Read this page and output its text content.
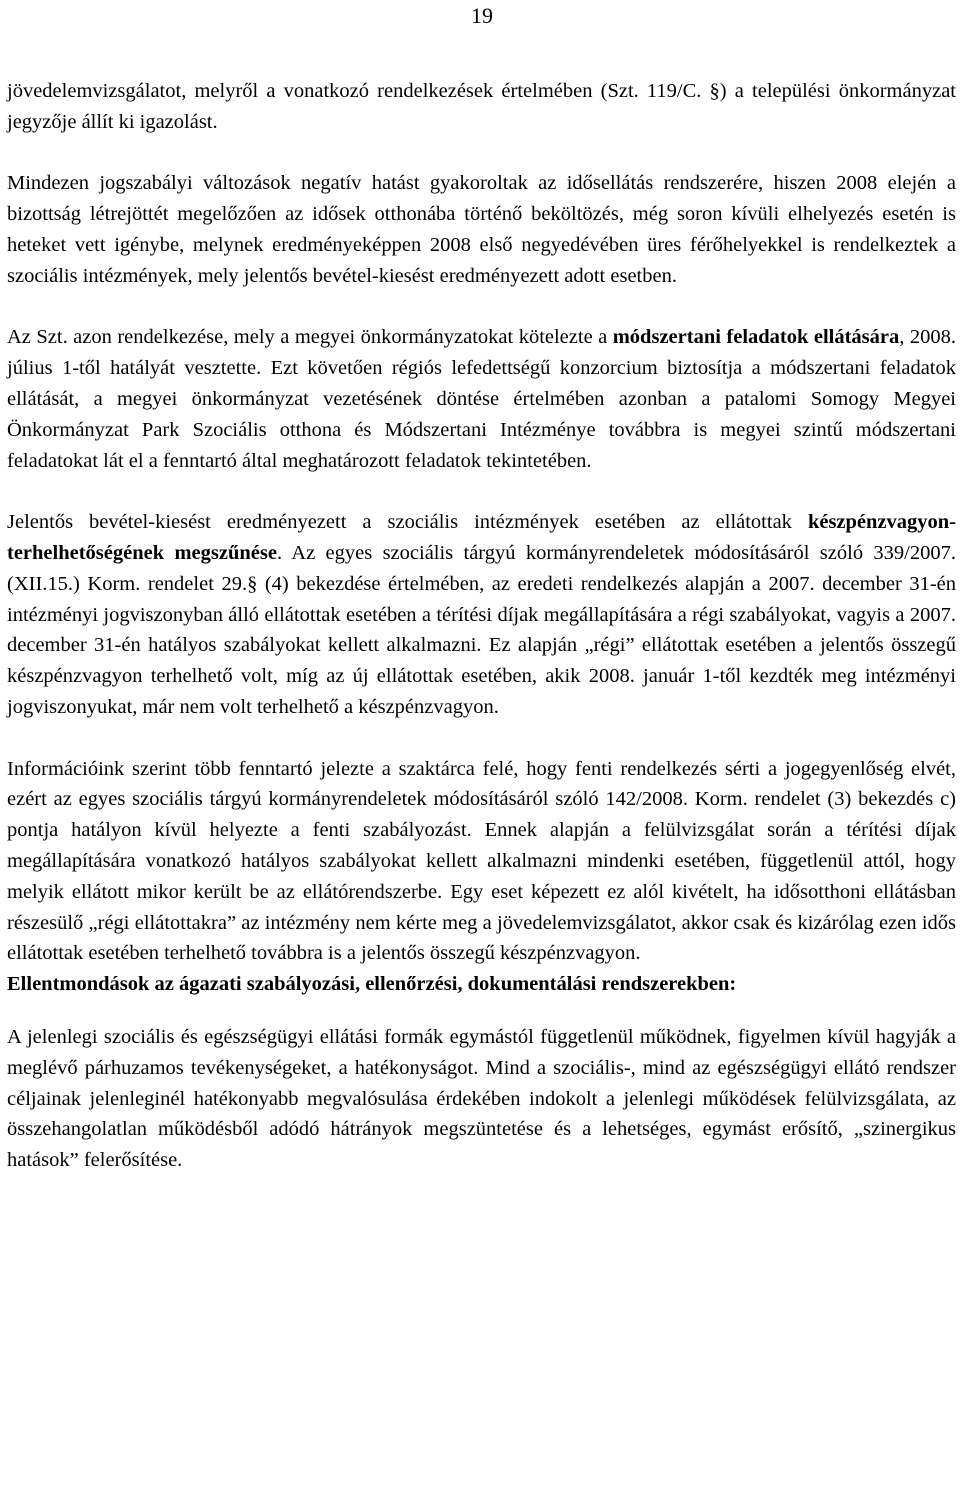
19

jövedelemvizsgálatot, melyről a vonatkozó rendelkezések értelmében (Szt. 119/C. §) a települési önkormányzat jegyzője állít ki igazolást.

Mindezen jogszabályi változások negatív hatást gyakoroltak az idősellátás rendszerére, hiszen 2008 elején a bizottság létrejöttét megelőzően az idősek otthonába történő beköltözés, még soron kívüli elhelyezés esetén is heteket vett igénybe, melynek eredményeképpen 2008 első negyedévében üres férőhelyekkel is rendelkeztek a szociális intézmények, mely jelentős bevétel-kiesést eredményezett adott esetben.

Az Szt. azon rendelkezése, mely a megyei önkormányzatokat kötelezte a módszertani feladatok ellátására, 2008. július 1-től hatályát vesztette. Ezt követően régiós lefedettségű konzorcium biztosítja a módszertani feladatok ellátását, a megyei önkormányzat vezetésének döntése értelmében azonban a patalomi Somogy Megyei Önkormányzat Park Szociális otthona és Módszertani Intézménye továbbra is megyei szintű módszertani feladatokat lát el a fenntartó által meghatározott feladatok tekintetében.

Jelentős bevétel-kiesést eredményezett a szociális intézmények esetében az ellátottak készpénzvagyon-terhelhetőségének megszűnése. Az egyes szociális tárgyú kormányrendeletek módosításáról szóló 339/2007. (XII.15.) Korm. rendelet 29.§ (4) bekezdése értelmében, az eredeti rendelkezés alapján a 2007. december 31-én intézményi jogviszonyban álló ellátottak esetében a térítési díjak megállapítására a régi szabályokat, vagyis a 2007. december 31-én hatályos szabályokat kellett alkalmazni. Ez alapján „régi” ellátottak esetében a jelentős összegű készpénzvagyon terhelhető volt, míg az új ellátottak esetében, akik 2008. január 1-től kezdték meg intézményi jogviszonyukat, már nem volt terhelhető a készpénzvagyon.

Információink szerint több fenntartó jelezte a szaktárca felé, hogy fenti rendelkezés sérti a jogegyenlőség elvét, ezért az egyes szociális tárgyú kormányrendeletek módosításáról szóló 142/2008. Korm. rendelet (3) bekezdés c) pontja hatályon kívül helyezte a fenti szabályozást. Ennek alapján a felülvizsgálat során a térítési díjak megállapítására vonatkozó hatályos szabályokat kellett alkalmazni mindenki esetében, függetlenül attól, hogy melyik ellátott mikor került be az ellátórendszerbe. Egy eset képezett ez alól kivételt, ha idősotthoni ellátásban részesülő „régi ellátottakra” az intézmény nem kérte meg a jövedelemvizsgálatot, akkor csak és kizárólag ezen idős ellátottak esetében terhelhető továbbra is a jelentős összegű készpénzvagyon.

Ellentmondások az ágazati szabályozási, ellenőrzési, dokumentálási rendszerekben:

A jelenlegi szociális és egészségügyi ellátási formák egymástól függetlenül működnek, figyelmen kívül hagyják a meglévő párhuzamos tevékenységeket, a hatékonyságot. Mind a szociális-, mind az egészségügyi ellátó rendszer céljainak jelenleginél hatékonyabb megvalósulása érdekében indokolt a jelenlegi működések felülvizsgálata, az összehangolatlan működésből adódó hátrányok megszüntetése és a lehetséges, egymást erősítő, „szinergikus hatások” felerősítése.
